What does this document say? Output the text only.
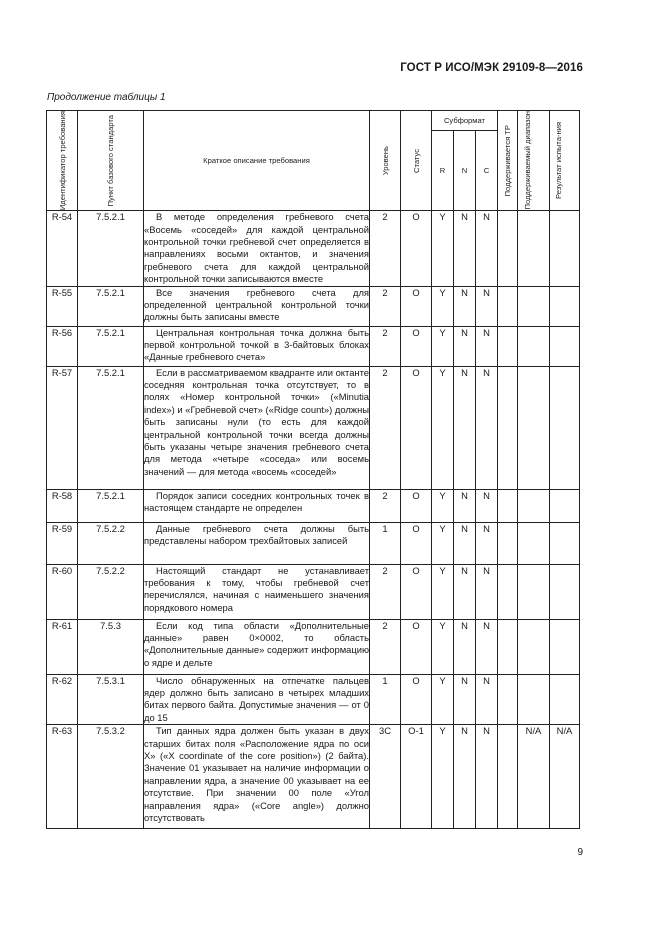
ГОСТ Р ИСО/МЭК 29109-8—2016
Продолжение таблицы 1
Идентификатор требования	Пункт базового стандарта	Краткое описание требования	Уровень	Статус	Субформат			Поддерживается ТР	Поддерживаемый диапазон	Результат испыта-ния

					R	N	C			
R-54	7.5.2.1	В методе определения гребневого счета «Восемь «соседей» для каждой центральной контрольной точки гребневой счет определяется в направлениях восьми октантов, и значения гребневого счета для каждой центральной контрольной точки записываются вместе	2	O	Y	N	N			
R-55	7.5.2.1	Все значения гребневого счета для определенной центральной контрольной точки должны быть записаны вместе	2	O	Y	N	N			
R-56	7.5.2.1	Центральная контрольная точка должна быть первой контрольной точкой в 3-байтовых блоках «Данные гребневого счета»	2	O	Y	N	N			
R-57	7.5.2.1	Если в рассматриваемом квадранте или октанте соседняя контрольная точка отсутствует, то в полях «Номер контрольной точки» («Minutia index») и «Гребневой счет» («Ridge count») должны быть записаны нули (то есть для каждой центральной контрольной точки всегда должны быть указаны четыре значения гребневого счета для метода «четыре «соседа» или восемь значений — для метода «восемь «соседей»	2	O	Y	N	N			
R-58	7.5.2.1	Порядок записи соседних контрольных точек в настоящем стандарте не определен	2	O	Y	N	N			
R-59	7.5.2.2	Данные гребневого счета должны быть представлены набором трехбайтовых записей	1	O	Y	N	N			
R-60	7.5.2.2	Настоящий стандарт не устанавливает требования к тому, чтобы гребневой счет перечислялся, начиная с наименьшего значения порядкового номера	2	O	Y	N	N			
R-61	7.5.3	Если код типа области «Дополнительные данные» равен 0×0002, то область «Дополнительные данные» содержит информацию о ядре и дельте	2	O	Y	N	N			
R-62	7.5.3.1	Число обнаруженных на отпечатке пальцев ядер должно быть записано в четырех младших битах первого байта. Допустимые значения — от 0 до 15	1	O	Y	N	N			
R-63	7.5.3.2	Тип данных ядра должен быть указан в двух старших битах поля «Расположение ядра по оси X» («X coordinate of the core position») (2 байта). Значение 01 указывает на наличие информации о направлении ядра, а значение 00 указывает на ее отсутствие. При значении 00 поле «Угол направления ядра» («Core angle») должно отсутствовать	3C	O-1	Y	N	N		N/A	N/A
9
